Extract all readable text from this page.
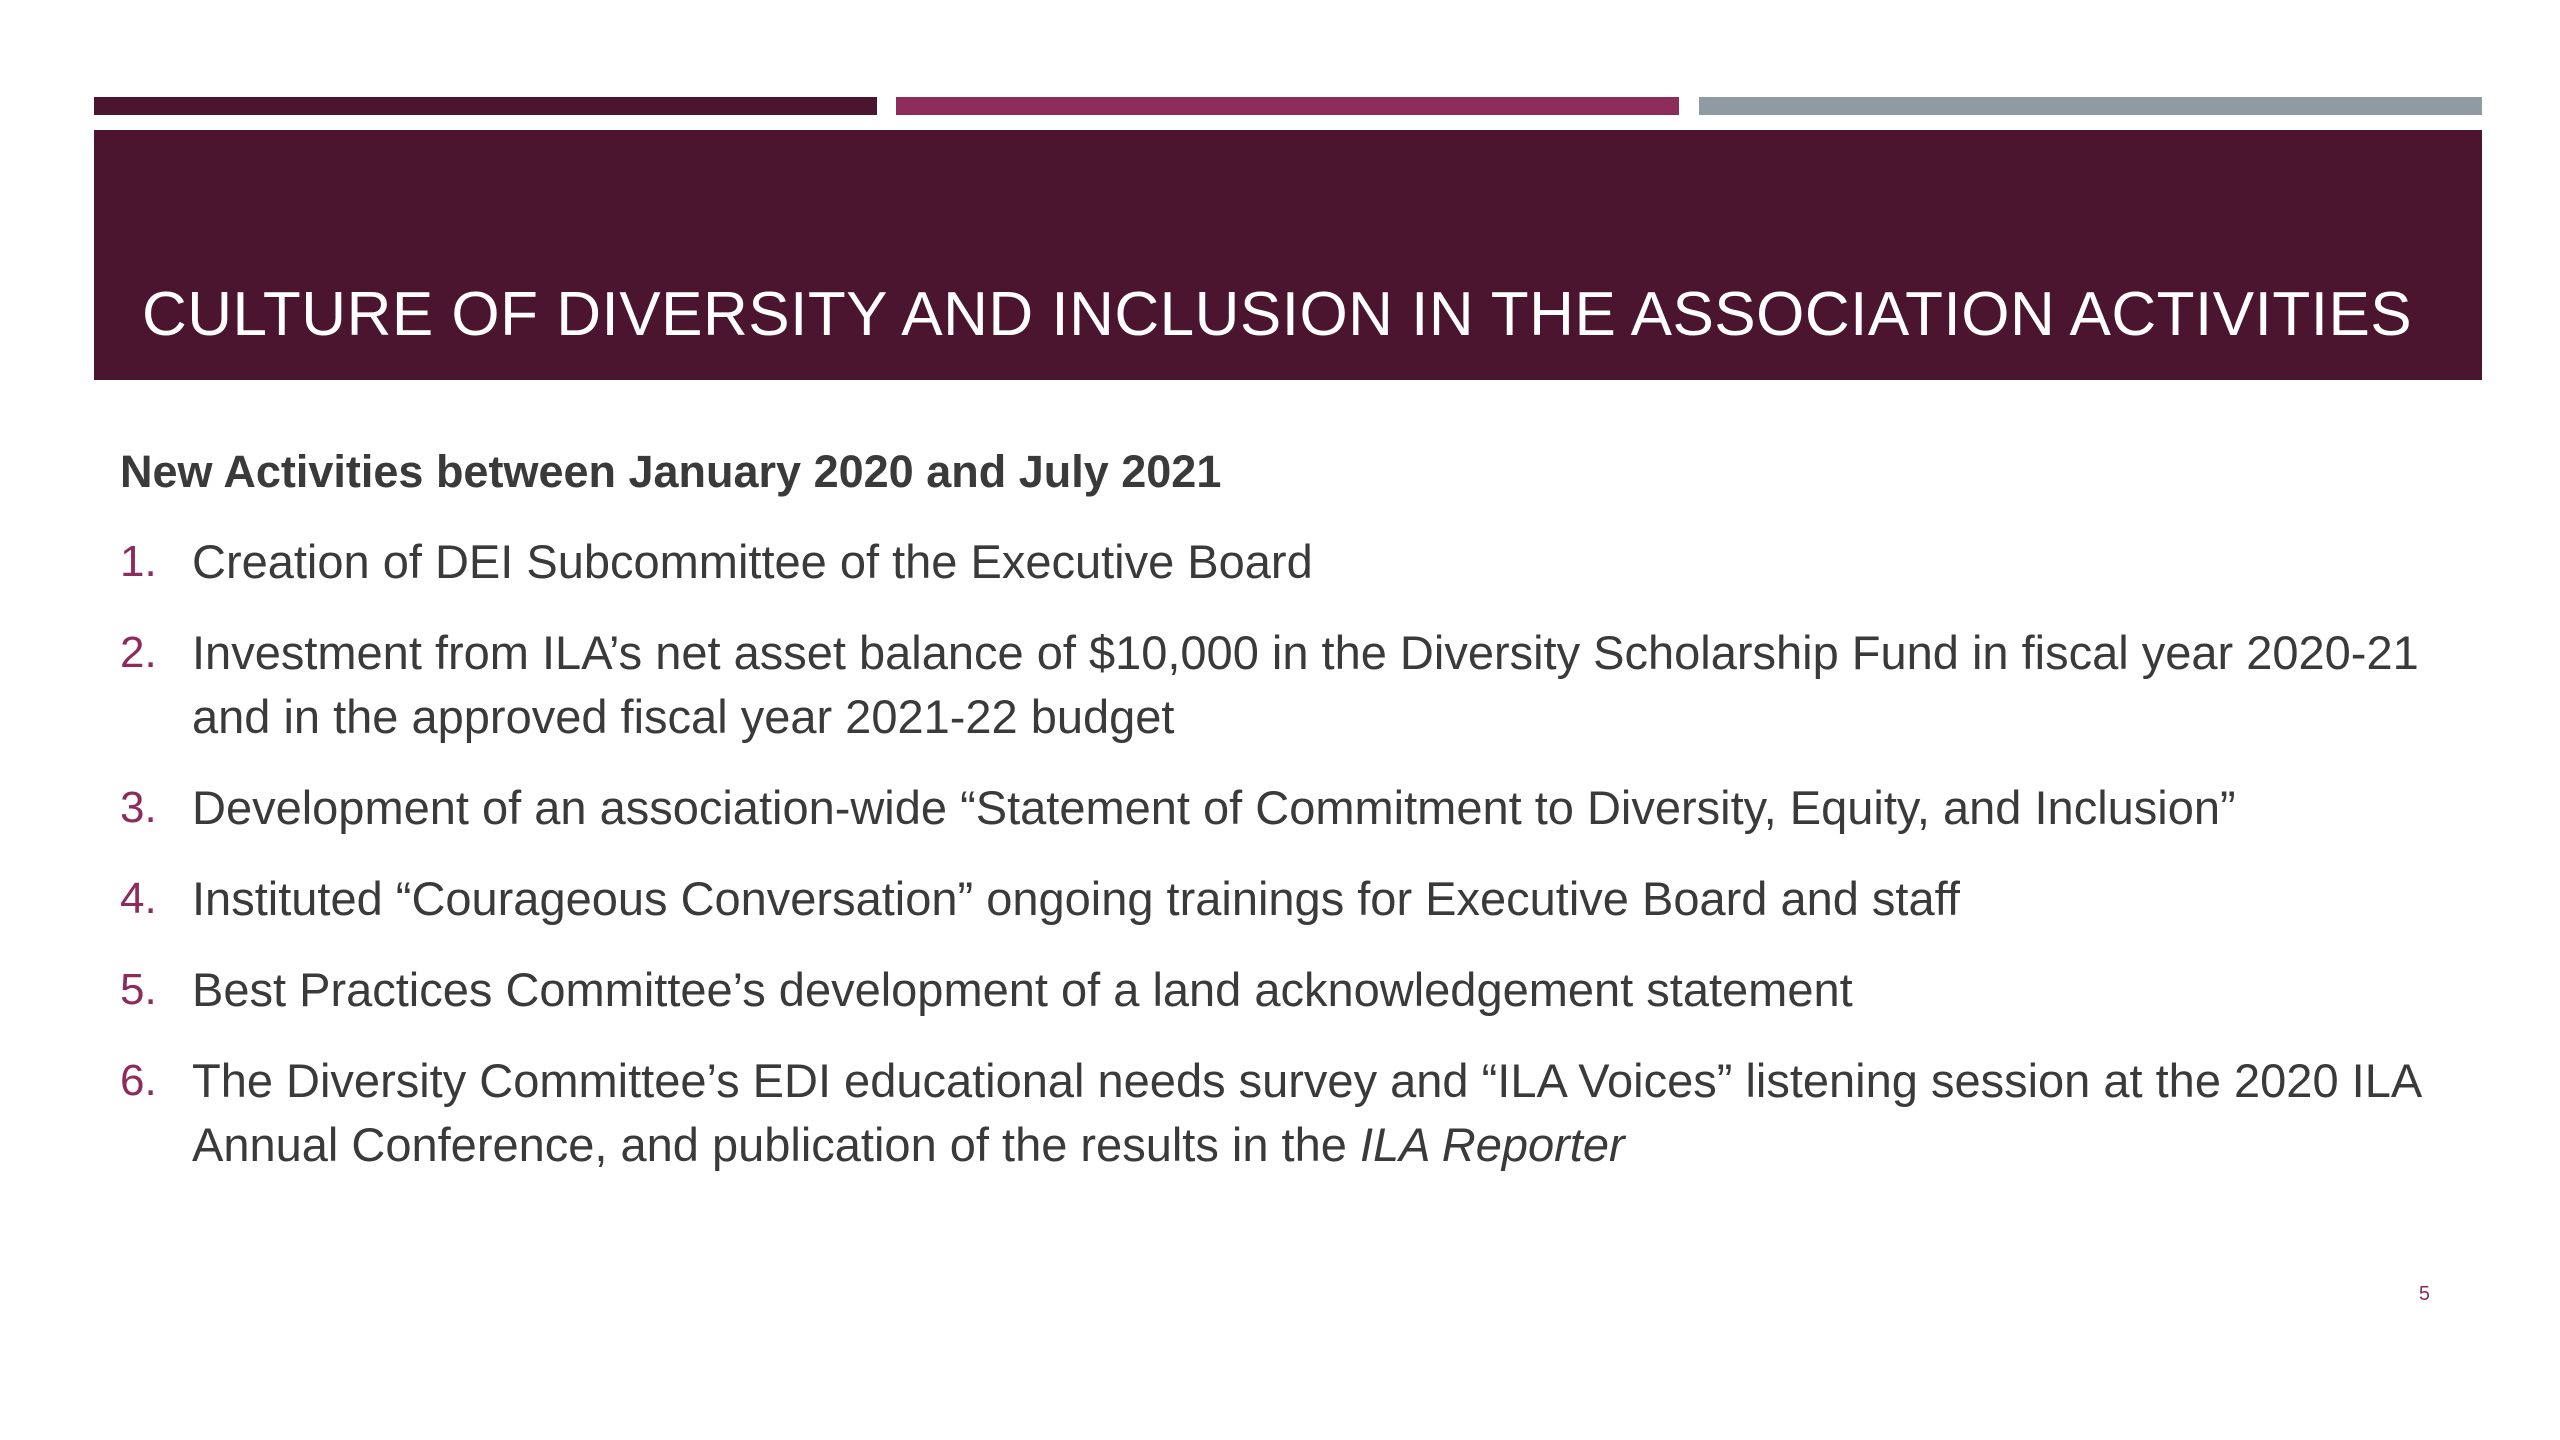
CULTURE OF DIVERSITY AND INCLUSION IN THE ASSOCIATION ACTIVITIES
New Activities between January 2020 and July 2021
1. Creation of DEI Subcommittee of the Executive Board
2. Investment from ILA’s net asset balance of $10,000 in the Diversity Scholarship Fund in fiscal year 2020-21 and in the approved fiscal year 2021-22 budget
3. Development of an association-wide “Statement of Commitment to Diversity, Equity, and Inclusion”
4. Instituted “Courageous Conversation” ongoing trainings for Executive Board and staff
5. Best Practices Committee’s development of a land acknowledgement statement
6. The Diversity Committee’s EDI educational needs survey and “ILA Voices” listening session at the 2020 ILA Annual Conference, and publication of the results in the ILA Reporter
5
